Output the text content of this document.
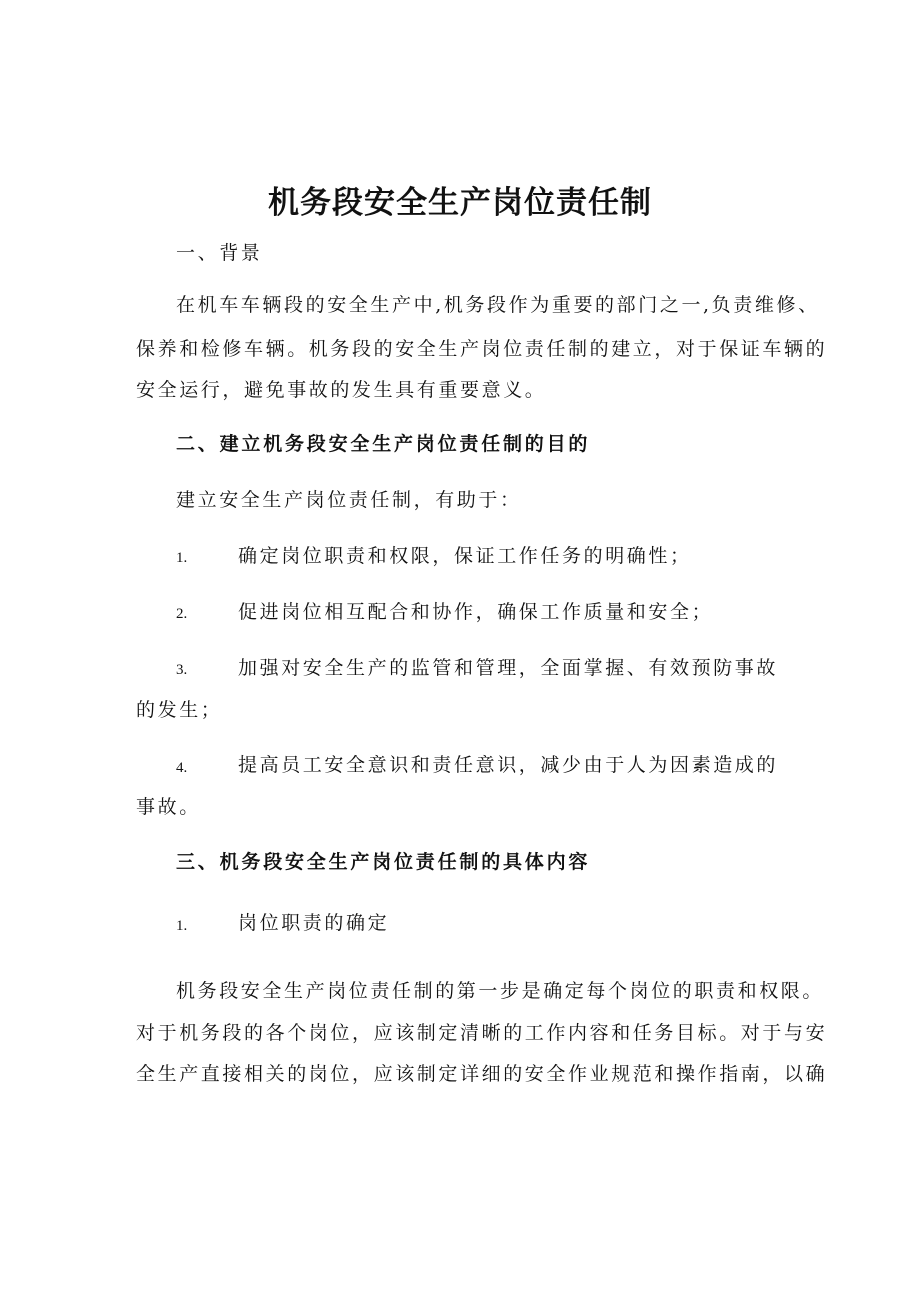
机务段安全生产岗位责任制

一、背景

在机车车辆段的安全生产中,机务段作为重要的部门之一,负责维修、

保养和检修车辆。机务段的安全生产岗位责任制的建立，对于保证车辆的

安全运行，避免事故的发生具有重要意义。

二、建立机务段安全生产岗位责任制的目的

建立安全生产岗位责任制，有助于：

1.	确定岗位职责和权限，保证工作任务的明确性；

2.	促进岗位相互配合和协作，确保工作质量和安全；

3.	加强对安全生产的监管和管理，全面掌握、有效预防事故

的发生；

4.	提高员工安全意识和责任意识，减少由于人为因素造成的

事故。

三、机务段安全生产岗位责任制的具体内容

1.	岗位职责的确定

机务段安全生产岗位责任制的第一步是确定每个岗位的职责和权限。

对于机务段的各个岗位，应该制定清晰的工作内容和任务目标。对于与安

全生产直接相关的岗位，应该制定详细的安全作业规范和操作指南，以确
